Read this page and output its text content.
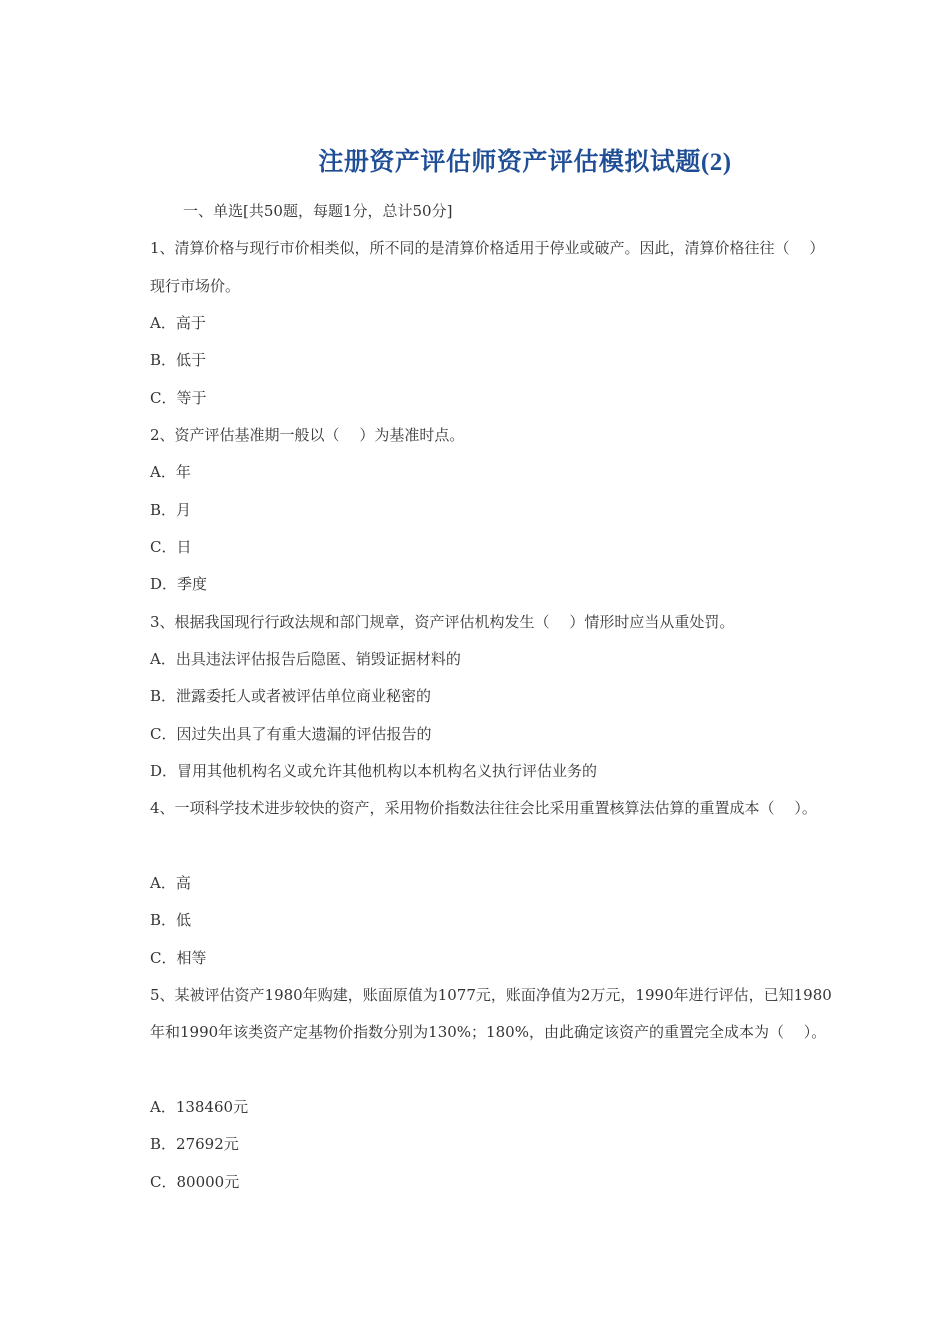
注册资产评估师资产评估模拟试题(2)
一、单选[共50题，每题1分，总计50分]
1、清算价格与现行市价相类似，所不同的是清算价格适用于停业或破产。因此，清算价格往往（　 ）
现行市场价。
A．高于
B．低于
C．等于
2、资产评估基准期一般以（　 ）为基准时点。
A．年
B．月
C．日
D．季度
3、根据我国现行行政法规和部门规章，资产评估机构发生（　 ）情形时应当从重处罚。
A．出具违法评估报告后隐匿、销毁证据材料的
B．泄露委托人或者被评估单位商业秘密的
C．因过失出具了有重大遗漏的评估报告的
D．冒用其他机构名义或允许其他机构以本机构名义执行评估业务的
4、一项科学技术进步较快的资产，采用物价指数法往往会比采用重置核算法估算的重置成本（　 ）。
A．高
B．低
C．相等
5、某被评估资产1980年购建，账面原值为1077元，账面净值为2万元，1990年进行评估，已知1980
年和1990年该类资产定基物价指数分别为130%；180%，由此确定该资产的重置完全成本为（　 ）。
A．138460元
B．27692元
C．80000元
